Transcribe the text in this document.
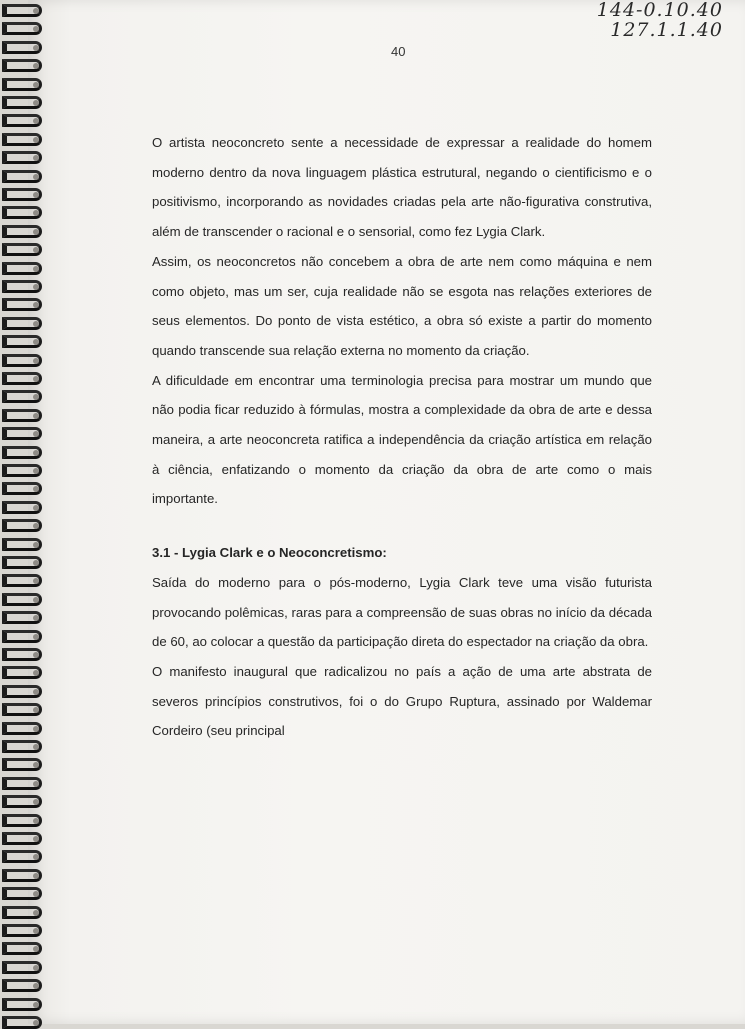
144-0.10.40
127.1.1.40
40

O artista neoconcreto sente a necessidade de expressar a realidade do homem moderno dentro da nova linguagem plástica estrutural, negando o cientificismo e o positivismo, incorporando as novidades criadas pela arte não-figurativa construtiva, além de transcender o racional e o sensorial, como fez Lygia Clark.

Assim, os neoconcretos não concebem a obra de arte nem como máquina e nem como objeto, mas um ser, cuja realidade não se esgota nas relações exteriores de seus elementos. Do ponto de vista estético, a obra só existe a partir do momento quando transcende sua relação externa no momento da criação.

A dificuldade em encontrar uma terminologia precisa para mostrar um mundo que não podia ficar reduzido à fórmulas, mostra a complexidade da obra de arte e dessa maneira, a arte neoconcreta ratifica a independência da criação artística em relação à ciência, enfatizando o momento da criação da obra de arte como o mais importante.

3.1 - Lygia Clark e o Neoconcretismo:

Saída do moderno para o pós-moderno, Lygia Clark teve uma visão futurista provocando polêmicas, raras para a compreensão de suas obras no início da década de 60, ao colocar a questão da participação direta do espectador na criação da obra.

O manifesto inaugural que radicalizou no país a ação de uma arte abstrata de severos princípios construtivos, foi o do Grupo Ruptura, assinado por Waldemar Cordeiro (seu principal
